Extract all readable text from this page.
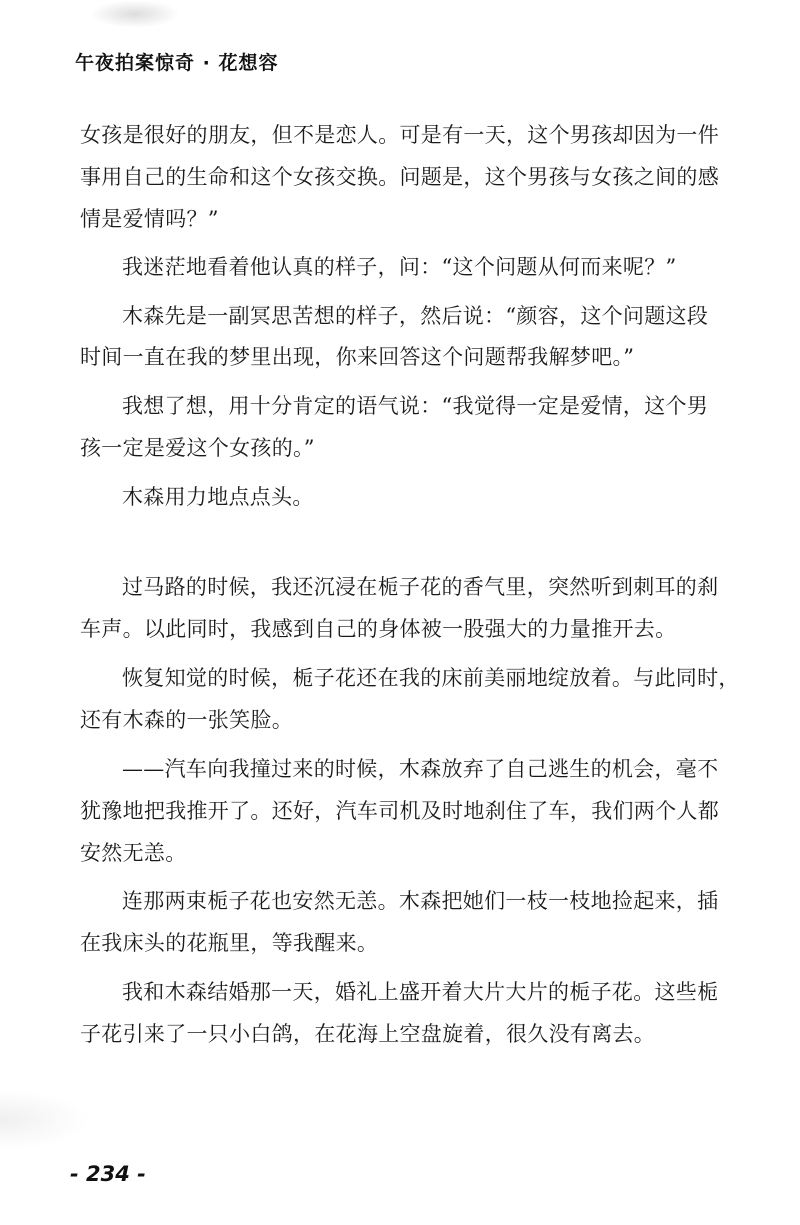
午夜拍案惊奇 · 花想容

女孩是很好的朋友，但不是恋人。可是有一天，这个男孩却因为一件

事用自己的生命和这个女孩交换。问题是，这个男孩与女孩之间的感

情是爱情吗？”

我迷茫地看着他认真的样子，问：“这个问题从何而来呢？”

木森先是一副冥思苦想的样子，然后说：“颜容，这个问题这段

时间一直在我的梦里出现，你来回答这个问题帮我解梦吧。”

我想了想，用十分肯定的语气说：“我觉得一定是爱情，这个男

孩一定是爱这个女孩的。”

木森用力地点点头。

过马路的时候，我还沉浸在栀子花的香气里，突然听到刺耳的刹

车声。以此同时，我感到自己的身体被一股强大的力量推开去。

恢复知觉的时候，栀子花还在我的床前美丽地绽放着。与此同时，

还有木森的一张笑脸。

——汽车向我撞过来的时候，木森放弃了自己逃生的机会，毫不

犹豫地把我推开了。还好，汽车司机及时地刹住了车，我们两个人都

安然无恙。

连那两束栀子花也安然无恙。木森把她们一枝一枝地捡起来，插

在我床头的花瓶里，等我醒来。

我和木森结婚那一天，婚礼上盛开着大片大片的栀子花。这些栀

子花引来了一只小白鸽，在花海上空盘旋着，很久没有离去。

- 234 -
